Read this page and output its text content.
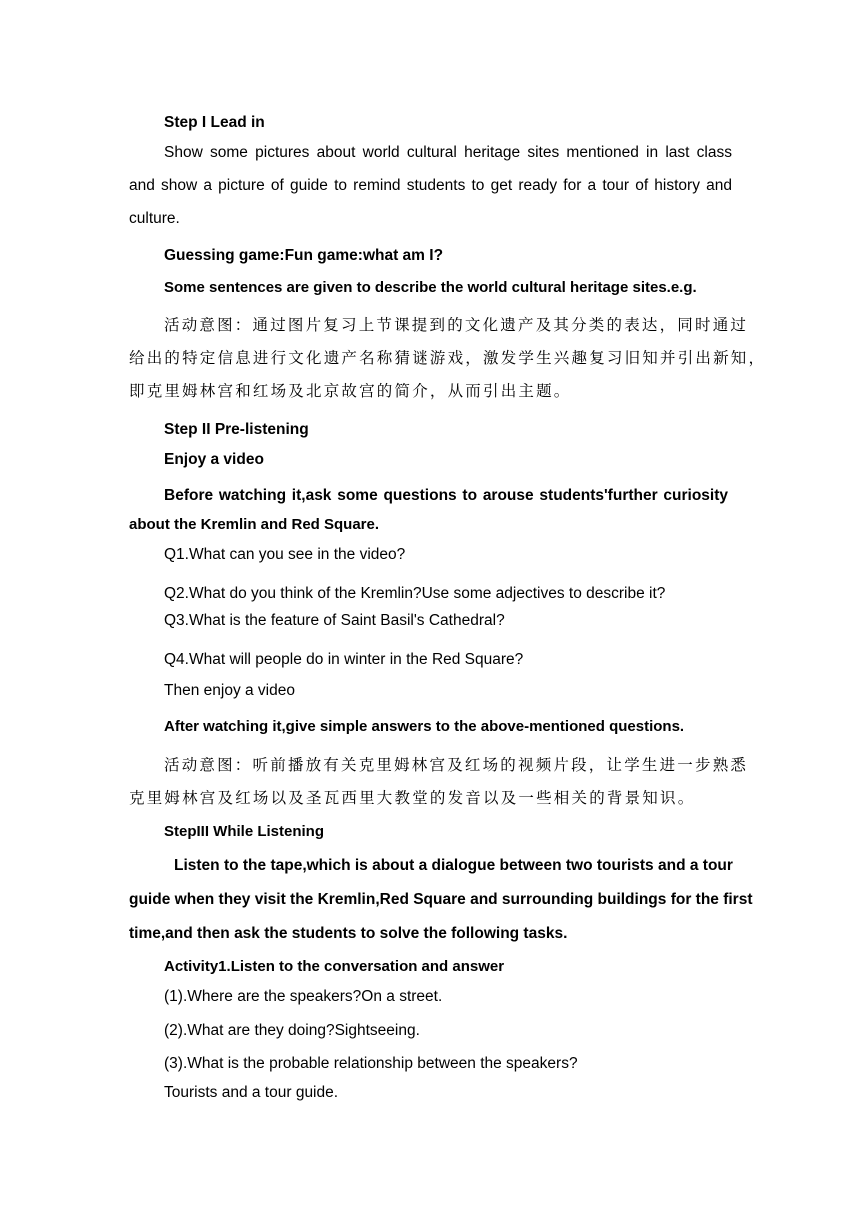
Step I Lead in
Show some pictures about world cultural heritage sites mentioned in last class
and show a picture of guide to remind students to get ready for a tour of history and
culture.
Guessing game:Fun game:what am I?
Some sentences are given to describe the world cultural heritage sites.e.g.
活动意图：通过图片复习上节课提到的文化遗产及其分类的表达，同时通过
给出的特定信息进行文化遗产名称猜谜游戏，激发学生兴趣复习旧知并引出新知，
即克里姆林宫和红场及北京故宫的简介，从而引出主题。
Step II Pre-listening
Enjoy a video
Before watching it,ask some questions to arouse students'further curiosity
about the Kremlin and Red Square.
Q1.What can you see in the video?
Q2.What do you think of the Kremlin?Use some adjectives to describe it?
Q3.What is the feature of Saint Basil's Cathedral?
Q4.What will people do in winter in the Red Square?
Then enjoy a video
After watching it,give simple answers to the above-mentioned questions.
活动意图：听前播放有关克里姆林宫及红场的视频片段，让学生进一步熟悉
克里姆林宫及红场以及圣瓦西里大教堂的发音以及一些相关的背景知识。
StepIII While Listening
Listen to the tape,which is about a dialogue between two tourists and a tour
guide when they visit the Kremlin,Red Square and surrounding buildings for the first
time,and then ask the students to solve the following tasks.
Activity1.Listen to the conversation and answer
(1).Where are the speakers?On a street.
(2).What are they doing?Sightseeing.
(3).What is the probable relationship between the speakers?
Tourists and a tour guide.
